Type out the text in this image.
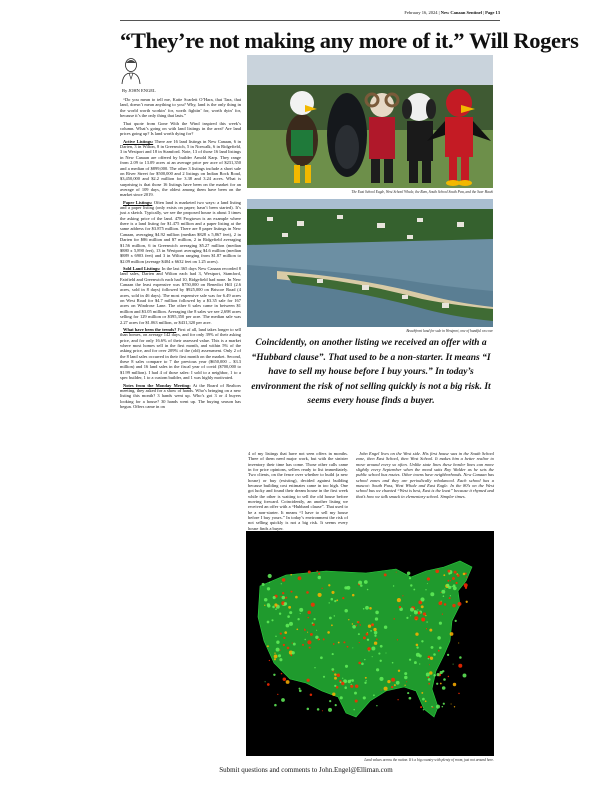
February 16, 2024 | New Canaan Sentinel | Page 13
“They’re not making any more of it.” Will Rogers
By JOHN ENGEL

“Do you mean to tell me, Katie Scarlett O’Hara, that Tara, that land, doesn’t mean anything to you? Why, land is the only thing in the world worth workin’ for, worth fightin’ for, worth dyin’ for, because it’s the only thing that lasts.”

That quote from Gone With the Wind inspired this week’s column. What’s going on with land listings in the area? Are land prices going up? Is land worth dying for?

Active Listings: There are 16 land listings in New Canaan, 6 in Darien, 3 in Wilton, 8 in Greenwich, 5 in Norwalk, 6 in Ridgefield, 3 in Westport and 18 in Stamford. Note, 13 of those 16 land listings in New Canaan are offered by builder Arnold Karp. They range from 2.09 to 13.09 acres at an average price per acre of $231,350 and a median of $899,000. The other 3 listings include a short sale on River Street for $500,000 and 2 listings on Indian Rock Road, $3,450,000 and $2.2 million for 3.38 and 3.24 acres. What is surprising is that those 16 listings have been on the market for an average of 109 days, the oldest among them have been on the market since 2019.

Paper Listings: Often land is marketed two ways: a land listing and a paper listing (only exists on paper; hasn’t been started). It’s just a sketch. Typically, we see the proposed house is about 3 times the asking price of the land. 478 Frogtown is an example where there is a land listing for $1.475 million and a paper listing at the same address for $3.875 million. There are 8 paper listings in New Canaan, averaging $4.92 million (median $828 x 5,867 feet), 2 in Darien for $86 million and $7 million, 2 in Ridgefield averaging $1.56 million, 6 in Greenwich averaging $5.27 million (median $880 x 5,890 feet), 13 in Westport averaging $4.6 million (median $889 x 6903 feet) and 3 in Wilton ranging from $1.87 million to $2.09 million (average $404 x 6632 feet on 1.25 acres).

Sold Land Listings: In the last 365 days New Canaan recorded 8 land sales, Darien and Wilton each had 3, Westport, Stamford, Fairfield and Greenwich each had 10, Ridgefield had none. In New Canaan the least expensive was $750,000 on Benedict Hill (2.6 acres, sold in 8 days) followed by $925,000 on Briscoe Road (4 acres, sold in 46 days). The most expensive sale was for 6.49 acres on West Road for $4.7 million followed by a $3.35 sale for 167 acres on Windrose Lane. The other 6 sales came in between $1 million and $3.05 million. Averaging the 8 sales we see 2,698 acres selling for 129 million or $395,350 per acre. The median sale was 2.27 acres for $1.063 million, or $431,320 per acre.

What have been the trends? First of all, land takes longer to sell than homes, on average 142 days, and for only 39% of their asking price, and for only 16.6% of their assessed value. This is a market where most homes sell in the first month, and within 5% of the asking price, and for over 209% of the (old) assessment. Only 2 of the 8 land sales occurred in their first month on the market. Second, these 8 sales compare to 7 the previous year ($650,000 – $3.3 million) and 16 land sales in the fiscal year of covid ($700,000 to $1.99 million). I had 4 of those sales: I sold to a neighbor, 1 to a spec builder, 1 to a custom builder, and 1 was highly motivated.

Notes from the Monday Meeting: At the Board of Realtors meeting, they asked for a show of hands. Who’s bringing on a new listing this month? 3 hands went up. Who’s got 3 or 4 buyers looking for a house? 30 hands went up. The buying season has begun. Offers came in on

The East School Eagle, West School Whale, the Ram, South School South Paw, and the Scar Hawk
Beachfront land for sale in Westport, one of handful on cove
Coincidently, on another listing we received an offer with a “Hubbard clause”. That used to be a non-starter. It means “I have to sell my house before I buy yours.” In today’s environment the risk of not selling quickly is not a big risk. It seems every house finds a buyer.

4 of my listings that have not seen offers in months. Three of them need major work, but with the sinister inventory their time has come. Those other calls came in for price opinions, sellers ready to list immediately. Two clients, on the fence over whether to build (a new house) or buy (existing), decided against building because building cost estimates came in too high. One got lucky and found their dream house in the first week while the other is waiting to sell the old house before moving forward. Coincidently, an another listing we received an offer with a “Hubbard clause”. That used to be a non-starter. It means “I have to sell my house before I buy yours.” In today’s environment the risk of not selling quickly is not a big risk. It seems every house finds a buyer.

John Engel lives on the West side. His first house was in the South School zone, then East School, then West School. It makes him a better realtor to move around every so often. Unlike state lines these border lines can move slightly every September when the mood suits Roy Walder as he sets the public school bus routes. Other towns have neighborhoods. New Canaan has school zones and they are periodically rebalanced. Each school has a mascot: South Puss, West Whale and East Eagle. In the 80’s on the West school bus we chanted “West is best, East is the least” because it rhymed and that’s how we talk smack in elementary school. Simpler times.

Land values across the nation. It’s a big country with plenty of room, just not around here.
Submit questions and comments to John.Engel@Elliman.com
